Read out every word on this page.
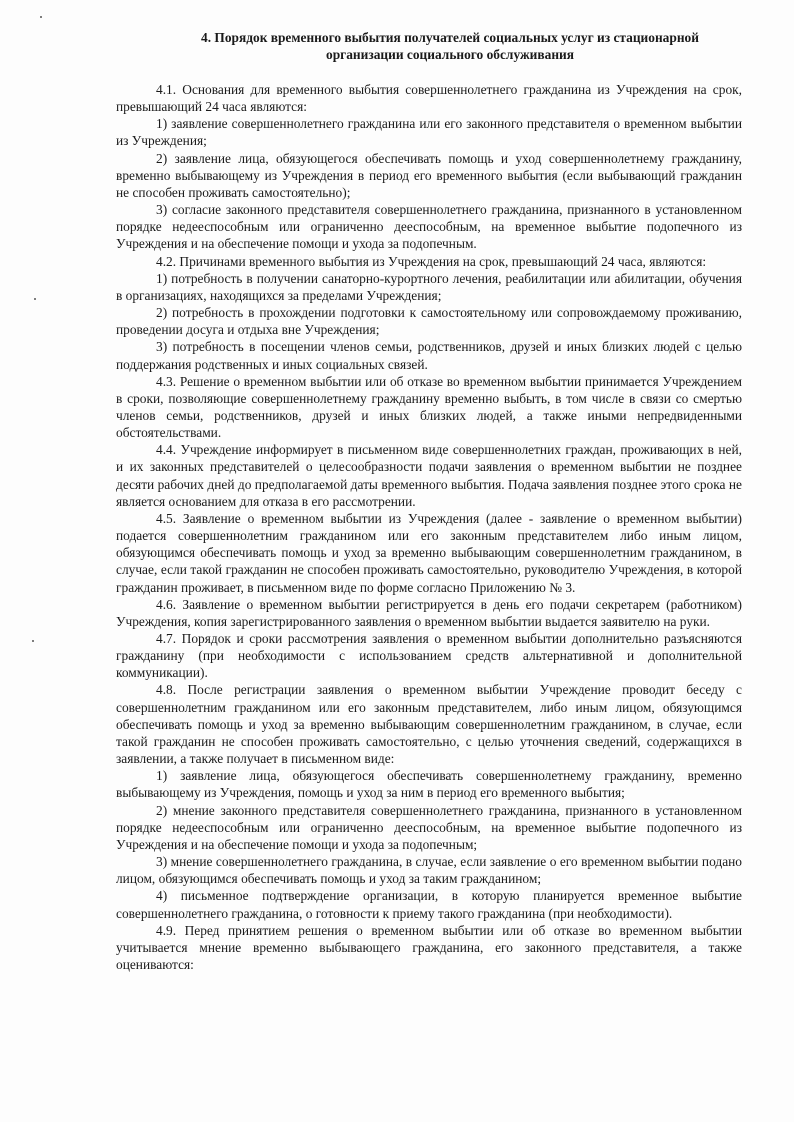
4. Порядок временного выбытия получателей социальных услуг из стационарной
организации социального обслуживания

4.1. Основания для временного выбытия совершеннолетнего гражданина из Учреждения на срок, превышающий 24 часа являются:

1) заявление совершеннолетнего гражданина или его законного представителя о временном выбытии из Учреждения;

2) заявление лица, обязующегося обеспечивать помощь и уход совершеннолетнему гражданину, временно выбывающему из Учреждения в период его временного выбытия (если выбывающий гражданин не способен проживать самостоятельно);

3) согласие законного представителя совершеннолетнего гражданина, признанного в установленном порядке недееспособным или ограниченно дееспособным, на временное выбытие подопечного из Учреждения и на обеспечение помощи и ухода за подопечным.

4.2. Причинами временного выбытия из Учреждения на срок, превышающий 24 часа, являются:

1) потребность в получении санаторно-курортного лечения, реабилитации или абилитации, обучения в организациях, находящихся за пределами Учреждения;

2) потребность в прохождении подготовки к самостоятельному или сопровождаемому проживанию, проведении досуга и отдыха вне Учреждения;

3) потребность в посещении членов семьи, родственников, друзей и иных близких людей с целью поддержания родственных и иных социальных связей.

4.3. Решение о временном выбытии или об отказе во временном выбытии принимается Учреждением в сроки, позволяющие совершеннолетнему гражданину временно выбыть, в том числе в связи со смертью членов семьи, родственников, друзей и иных близких людей, а также иными непредвиденными обстоятельствами.

4.4. Учреждение информирует в письменном виде совершеннолетних граждан, проживающих в ней, и их законных представителей о целесообразности подачи заявления о временном выбытии не позднее десяти рабочих дней до предполагаемой даты временного выбытия. Подача заявления позднее этого срока не является основанием для отказа в его рассмотрении.

4.5. Заявление о временном выбытии из Учреждения (далее - заявление о временном выбытии) подается совершеннолетним гражданином или его законным представителем либо иным лицом, обязующимся обеспечивать помощь и уход за временно выбывающим совершеннолетним гражданином, в случае, если такой гражданин не способен проживать самостоятельно, руководителю Учреждения, в которой гражданин проживает, в письменном виде по форме согласно Приложению № 3.

4.6. Заявление о временном выбытии регистрируется в день его подачи секретарем (работником) Учреждения, копия зарегистрированного заявления о временном выбытии выдается заявителю на руки.

4.7. Порядок и сроки рассмотрения заявления о временном выбытии дополнительно разъясняются гражданину (при необходимости с использованием средств альтернативной и дополнительной коммуникации).

4.8. После регистрации заявления о временном выбытии Учреждение проводит беседу с совершеннолетним гражданином или его законным представителем, либо иным лицом, обязующимся обеспечивать помощь и уход за временно выбывающим совершеннолетним гражданином, в случае, если такой гражданин не способен проживать самостоятельно, с целью уточнения сведений, содержащихся в заявлении, а также получает в письменном виде:

1) заявление лица, обязующегося обеспечивать совершеннолетнему гражданину, временно выбывающему из Учреждения, помощь и уход за ним в период его временного выбытия;

2) мнение законного представителя совершеннолетнего гражданина, признанного в установленном порядке недееспособным или ограниченно дееспособным, на временное выбытие подопечного из Учреждения и на обеспечение помощи и ухода за подопечным;

3) мнение совершеннолетнего гражданина, в случае, если заявление о его временном выбытии подано лицом, обязующимся обеспечивать помощь и уход за таким гражданином;

4) письменное подтверждение организации, в которую планируется временное выбытие совершеннолетнего гражданина, о готовности к приему такого гражданина (при необходимости).

4.9. Перед принятием решения о временном выбытии или об отказе во временном выбытии учитывается мнение временно выбывающего гражданина, его законного представителя, а также оцениваются:
